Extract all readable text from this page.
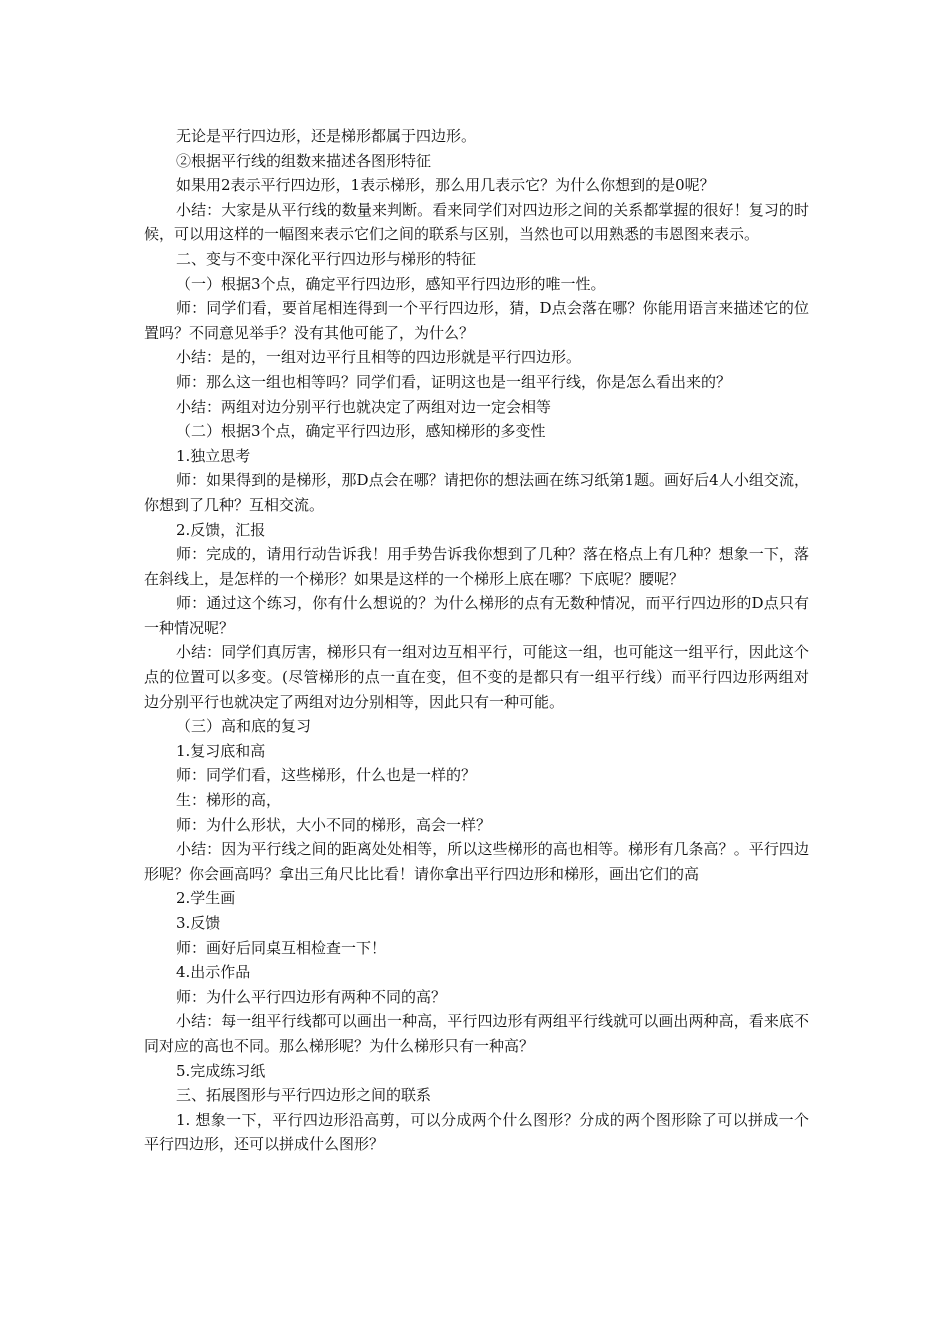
无论是平行四边形，还是梯形都属于四边形。

②根据平行线的组数来描述各图形特征

如果用2表示平行四边形，1表示梯形，那么用几表示它？为什么你想到的是0呢？

小结：大家是从平行线的数量来判断。看来同学们对四边形之间的关系都掌握的很好！复习的时候，可以用这样的一幅图来表示它们之间的联系与区别，当然也可以用熟悉的韦恩图来表示。

二、变与不变中深化平行四边形与梯形的特征

（一）根据3个点，确定平行四边形，感知平行四边形的唯一性。

师：同学们看，要首尾相连得到一个平行四边形，猜，D点会落在哪？你能用语言来描述它的位置吗？不同意见举手？没有其他可能了，为什么？

小结：是的，一组对边平行且相等的四边形就是平行四边形。

师：那么这一组也相等吗？同学们看，证明这也是一组平行线，你是怎么看出来的？

小结：两组对边分别平行也就决定了两组对边一定会相等

（二）根据3个点，确定平行四边形，感知梯形的多变性

1.独立思考

师：如果得到的是梯形，那D点会在哪？请把你的想法画在练习纸第1题。画好后4人小组交流，你想到了几种？互相交流。

2.反馈，汇报

师：完成的，请用行动告诉我！用手势告诉我你想到了几种？落在格点上有几种？想象一下，落在斜线上，是怎样的一个梯形？如果是这样的一个梯形上底在哪？下底呢？腰呢？

师：通过这个练习，你有什么想说的？为什么梯形的点有无数种情况，而平行四边形的D点只有一种情况呢？

小结：同学们真厉害，梯形只有一组对边互相平行，可能这一组，也可能这一组平行，因此这个点的位置可以多变。(尽管梯形的点一直在变，但不变的是都只有一组平行线）而平行四边形两组对边分别平行也就决定了两组对边分别相等，因此只有一种可能。

（三）高和底的复习

1.复习底和高

师：同学们看，这些梯形，什么也是一样的？

生：梯形的高，

师：为什么形状，大小不同的梯形，高会一样？

小结：因为平行线之间的距离处处相等，所以这些梯形的高也相等。梯形有几条高？。平行四边形呢？你会画高吗？拿出三角尺比比看！请你拿出平行四边形和梯形，画出它们的高

2.学生画

3.反馈

师：画好后同桌互相检查一下！

4.出示作品

师：为什么平行四边形有两种不同的高？

小结：每一组平行线都可以画出一种高，平行四边形有两组平行线就可以画出两种高，看来底不同对应的高也不同。那么梯形呢？为什么梯形只有一种高？

5.完成练习纸

三、拓展图形与平行四边形之间的联系

1. 想象一下，平行四边形沿高剪，可以分成两个什么图形？分成的两个图形除了可以拼成一个平行四边形，还可以拼成什么图形？
